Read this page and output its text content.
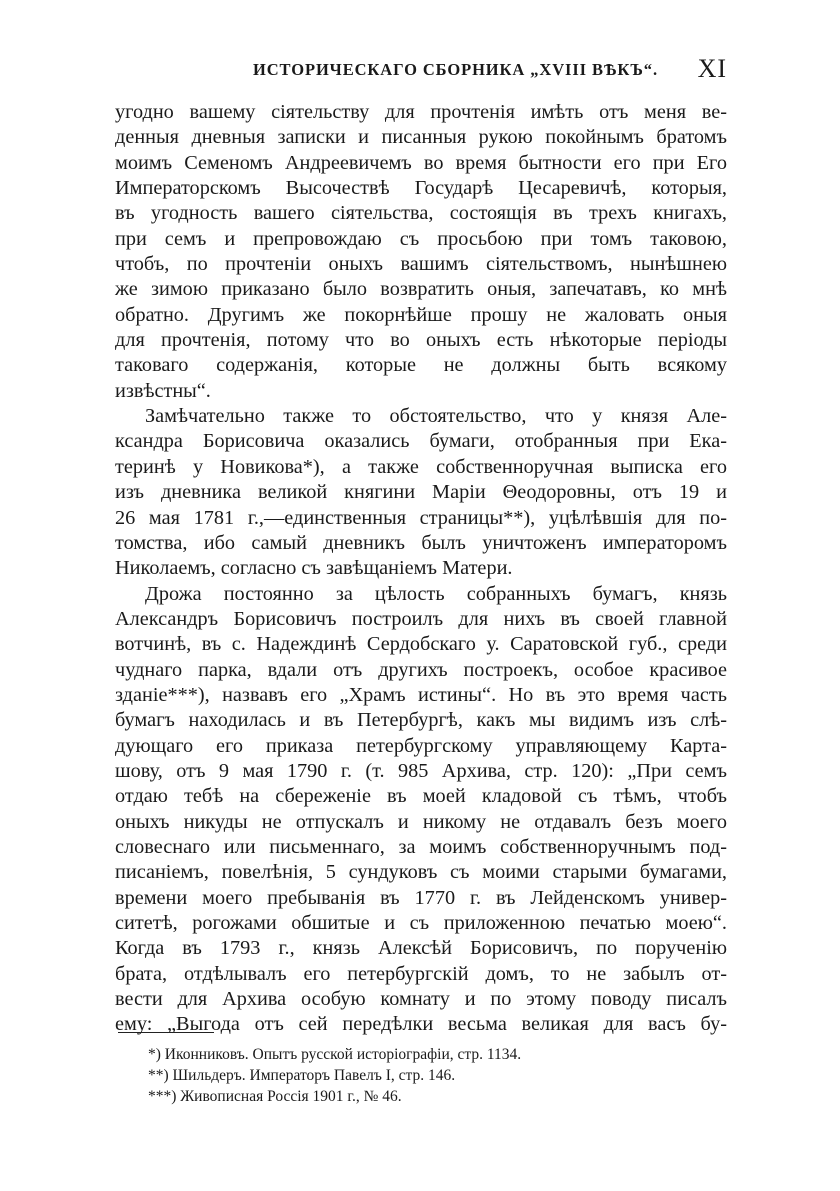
ИСТОРИЧЕСКАГО СБОРНИКА „XVIII ВѢКЪ“. XI
угодно вашему сіятельству для прочтенія имѣть отъ меня ве-
денныя дневныя записки и писанныя рукою покойнымъ братомъ
моимъ Семеномъ Андреевичемъ во время бытности его при Его
Императорскомъ Высочествѣ Государѣ Цесаревичѣ, которыя,
въ угодность вашего сіятельства, состоящія въ трехъ книгахъ,
при семъ и препровождаю съ просьбою при томъ таковою,
чтобъ, по прочтеніи оныхъ вашимъ сіятельствомъ, нынѣшнею
же зимою приказано было возвратить оныя, запечатавъ, ко мнѣ
обратно. Другимъ же покорнѣйше прошу не жаловать оныя
для прочтенія, потому что во оныхъ есть нѣкоторые періоды
таковаго содержанія, которые не должны быть всякому
извѣстны“.
Замѣчательно также то обстоятельство, что у князя Але-
ксандра Борисовича оказались бумаги, отобранныя при Ека-
теринѣ у Новикова*), а также собственноручная выписка его
изъ дневника великой княгини Маріи Θеодоровны, отъ 19 и
26 мая 1781 г.,—единственныя страницы**), уцѣлѣвшія для по-
томства, ибо самый дневникъ былъ уничтоженъ императоромъ
Николаемъ, согласно съ завѣщаніемъ Матери.
Дрожа постоянно за цѣлость собранныхъ бумагъ, князь
Александръ Борисовичъ построилъ для нихъ въ своей главной
вотчинѣ, въ с. Надеждинѣ Сердобскаго у. Саратовской губ., среди
чуднаго парка, вдали отъ другихъ построекъ, особое красивое
зданіе***), назвавъ его „Храмъ истины“. Но въ это время часть
бумагъ находилась и въ Петербургѣ, какъ мы видимъ изъ слѣ-
дующаго его приказа петербургскому управляющему Карта-
шову, отъ 9 мая 1790 г. (т. 985 Архива, стр. 120): „При семъ
отдаю тебѣ на сбереженіе въ моей кладовой съ тѣмъ, чтобъ
оныхъ никуды не отпускалъ и никому не отдавалъ безъ моего
словеснаго или письменнаго, за моимъ собственноручнымъ под-
писаніемъ, повелѣнія, 5 сундуковъ съ моими старыми бумагами,
времени моего пребыванія въ 1770 г. въ Лейденскомъ универ-
ситетѣ, рогожами обшитые и съ приложенною печатью моею“.
Когда въ 1793 г., князь Алексѣй Борисовичъ, по порученію
брата, отдѣлывалъ его петербургскій домъ, то не забылъ от-
вести для Архива особую комнату и по этому поводу писалъ
ему: „Выгода отъ сей передѣлки весьма великая для васъ бу-
*) Иконниковъ. Опытъ русской исторіографіи, стр. 1134.
**) Шильдеръ. Императоръ Павелъ I, стр. 146.
***) Живописная Россія 1901 г., № 46.
